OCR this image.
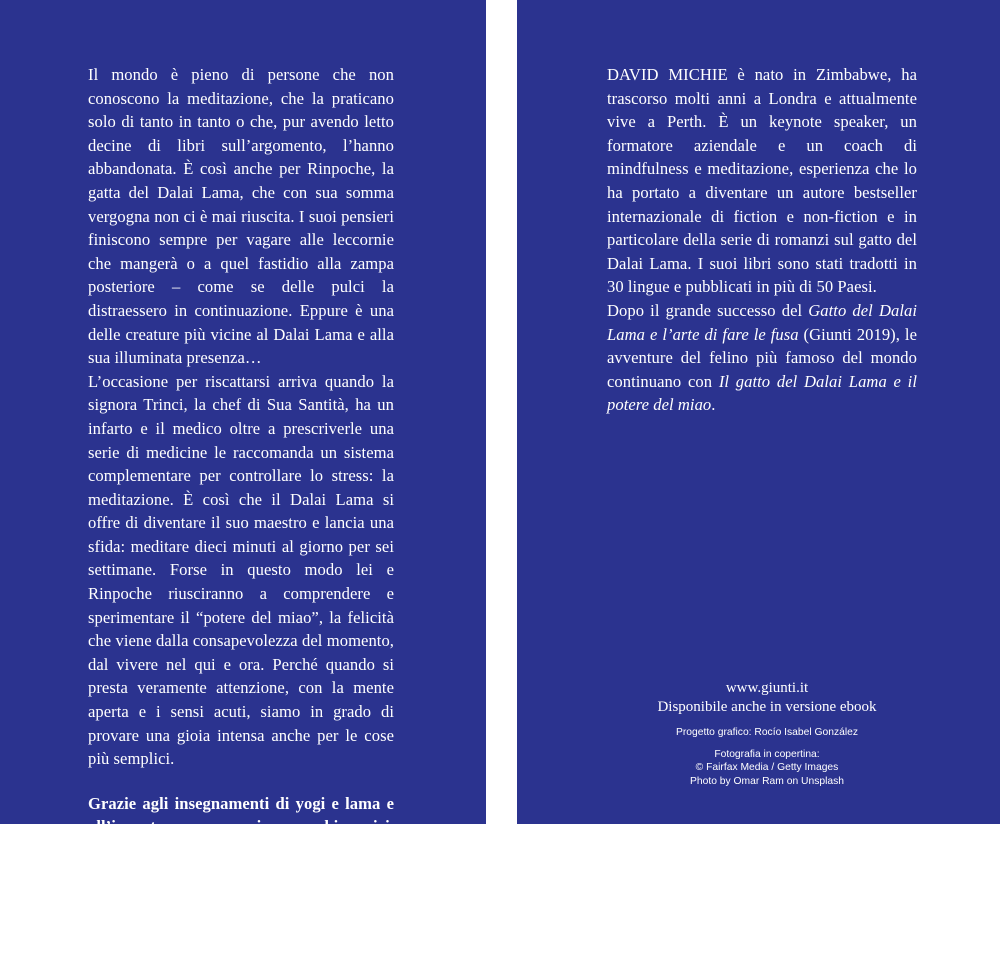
Il mondo è pieno di persone che non conoscono la meditazione, che la praticano solo di tanto in tanto o che, pur avendo letto decine di libri sull’argomento, l’hanno abbandonata. È così anche per Rinpoche, la gatta del Dalai Lama, che con sua somma vergogna non ci è mai riuscita. I suoi pensieri finiscono sempre per vagare alle leccornie che mangerà o a quel fastidio alla zampa posteriore – come se delle pulci la distraessero in continuazione. Eppure è una delle creature più vicine al Dalai Lama e alla sua illuminata presenza…

L’occasione per riscattarsi arriva quando la signora Trinci, la chef di Sua Santità, ha un infarto e il medico oltre a prescriverle una serie di medicine le raccomanda un sistema complementare per controllare lo stress: la meditazione. È così che il Dalai Lama si offre di diventare il suo maestro e lancia una sfida: meditare dieci minuti al giorno per sei settimane. Forse in questo modo lei e Rinpoche riusciranno a comprendere e sperimentare il “potere del miao”, la felicità che viene dalla consapevolezza del momento, dal vivere nel qui e ora. Perché quando si presta veramente attenzione, con la mente aperta e i sensi acuti, siamo in grado di provare una gioia intensa anche per le cose più semplici.

Grazie agli insegnamenti di yogi e lama e all’incontro con nuovi e vecchi amici, scoprirete insieme alla gatta più famosa del mondo come liberarvi dalle storie nocive che raccontate su voi stessi e come vivere appieno nel presente. Se non puoi cambiare il mondo, almeno puoi cambiare il modo in cui lo vivi!

DAVID MICHIE è nato in Zimbabwe, ha trascorso molti anni a Londra e attualmente vive a Perth. È un keynote speaker, un formatore aziendale e un coach di mindfulness e meditazione, esperienza che lo ha portato a diventare un autore bestseller internazionale di fiction e non-fiction e in particolare della serie di romanzi sul gatto del Dalai Lama. I suoi libri sono stati tradotti in 30 lingue e pubblicati in più di 50 Paesi.

Dopo il grande successo del Gatto del Dalai Lama e l’arte di fare le fusa (Giunti 2019), le avventure del felino più famoso del mondo continuano con Il gatto del Dalai Lama e il potere del miao.

www.giunti.it

Disponibile anche in versione ebook

Progetto grafico: Rocío Isabel González

Fotografia in copertina:

© Fairfax Media / Getty Images

Photo by Omar Ram on Unsplash
